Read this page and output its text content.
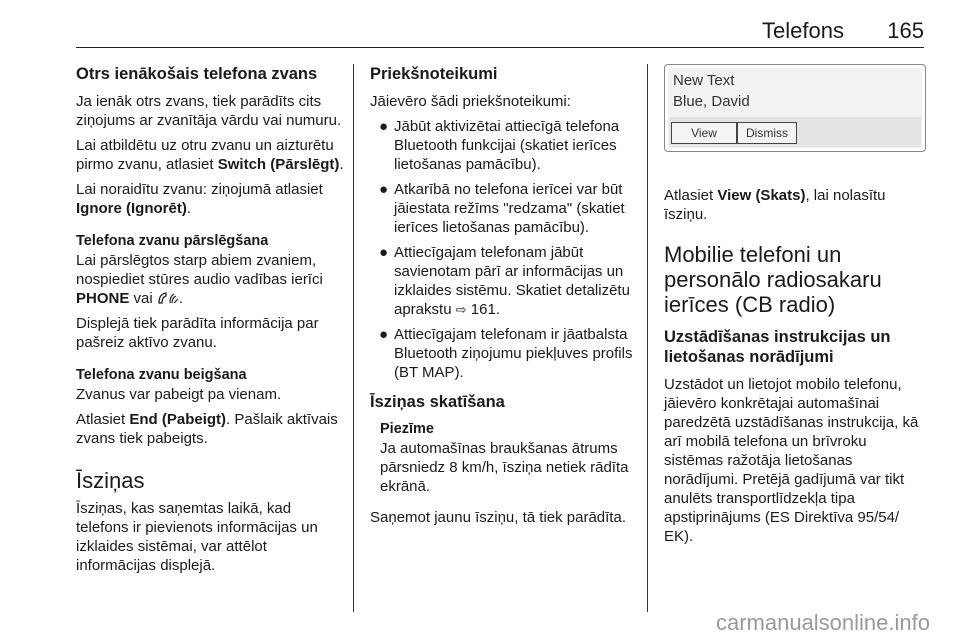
Telefons 165
Otrs ienākošais telefona zvans

Ja ienāk otrs zvans, tiek parādīts cits ziņojums ar zvanītāja vārdu vai numuru.

Lai atbildētu uz otru zvanu un aizturētu pirmo zvanu, atlasiet Switch (Pārslēgt).

Lai noraidītu zvanu: ziņojumā atlasiet Ignore (Ignorēt).

Telefona zvanu pārslēgšana

Lai pārslēgtos starp abiem zvaniem, nospiediet stūres audio vadības ierīci PHONE vai .

Displejā tiek parādīta informācija par pašreiz aktīvo zvanu.

Telefona zvanu beigšana

Zvanus var pabeigt pa vienam.

Atlasiet End (Pabeigt). Pašlaik aktīvais zvans tiek pabeigts.

Īsziņas

Īsziņas, kas saņemtas laikā, kad telefons ir pievienots informācijas un izklaides sistēmai, var attēlot informācijas displejā.

Priekšnoteikumi

Jāievēro šādi priekšnoteikumi:

● Jābūt aktivizētai attiecīgā telefona Bluetooth funkcijai (skatiet ierīces lietošanas pamācību).
● Atkarībā no telefona ierīcei var būt jāiestata režīms "redzama" (skatiet ierīces lietošanas pamācību).
● Attiecīgajam telefonam jābūt savienotam pārī ar informācijas un izklaides sistēmu. Skatiet detalizētu aprakstu ⇨ 161.
● Attiecīgajam telefonam ir jāatbalsta Bluetooth ziņojumu piekļuves profils (BT MAP).
Īsziņas skatīšana
Piezīme
Ja automašīnas braukšanas ātrums pārsniedz 8 km/h, īsziņa netiek rādīta ekrānā.

Saņemot jaunu īsziņu, tā tiek parādīta.

New Text
Blue, David
View	Dismiss

Atlasiet View (Skats), lai nolasītu īsziņu.

Mobilie telefoni un personālo radiosakaru ierīces (CB radio)
Uzstādīšanas instrukcijas un lietošanas norādījumi

Uzstādot un lietojot mobilo telefonu, jāievēro konkrētajai automašīnai paredzētā uzstādīšanas instrukcija, kā arī mobilā telefona un brīvroku sistēmas ražotāja lietošanas norādījumi. Pretējā gadījumā var tikt anulēts transportlīdzekļa tipa apstiprinājums (ES Direktīva 95/54/ EK).

carmanualsonline.info
